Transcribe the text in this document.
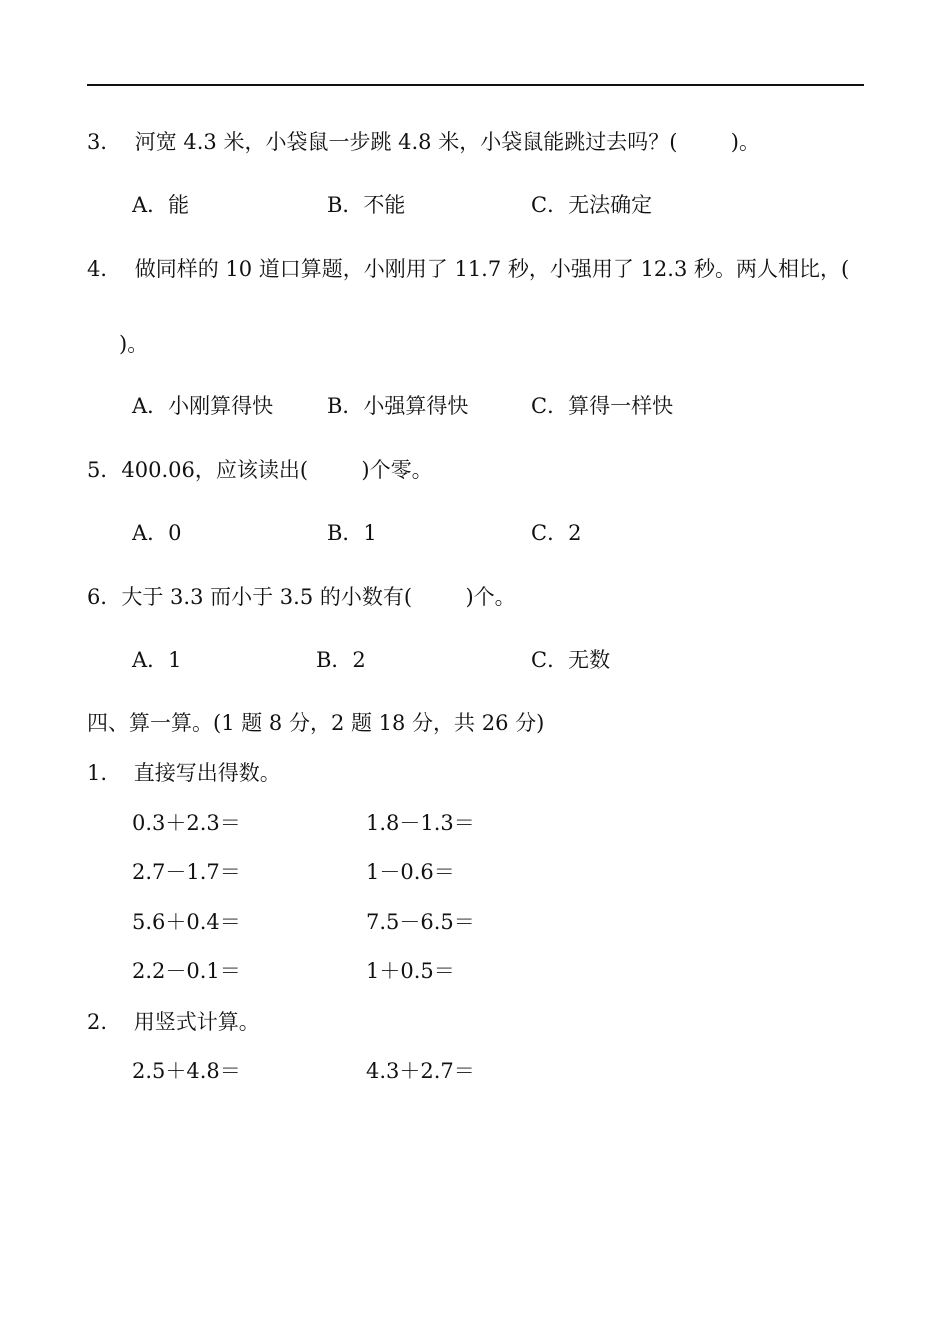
3．  河宽 4.3 米，小袋鼠一步跳 4.8 米，小袋鼠能跳过去吗？(        )。
A．能	B．不能	C．无法确定
4．  做同样的 10 道口算题，小刚用了 11.7 秒，小强用了 12.3 秒。两人相比，(
)。
A．小刚算得快	B．小强算得快	C．算得一样快
5．400.06，应该读出(        )个零。
A．0	B．1	C．2
6．大于 3.3 而小于 3.5 的小数有(        )个。
A．1	B．2	C．无数
四、算一算。(1 题 8 分，2 题 18 分，共 26 分)
1.    直接写出得数。
0.3＋2.3＝	1.8－1.3＝
2.7－1.7＝	1－0.6＝
5.6＋0.4＝	7.5－6.5＝
2.2－0.1＝	1＋0.5＝
2.    用竖式计算。
2.5＋4.8＝	4.3＋2.7＝
